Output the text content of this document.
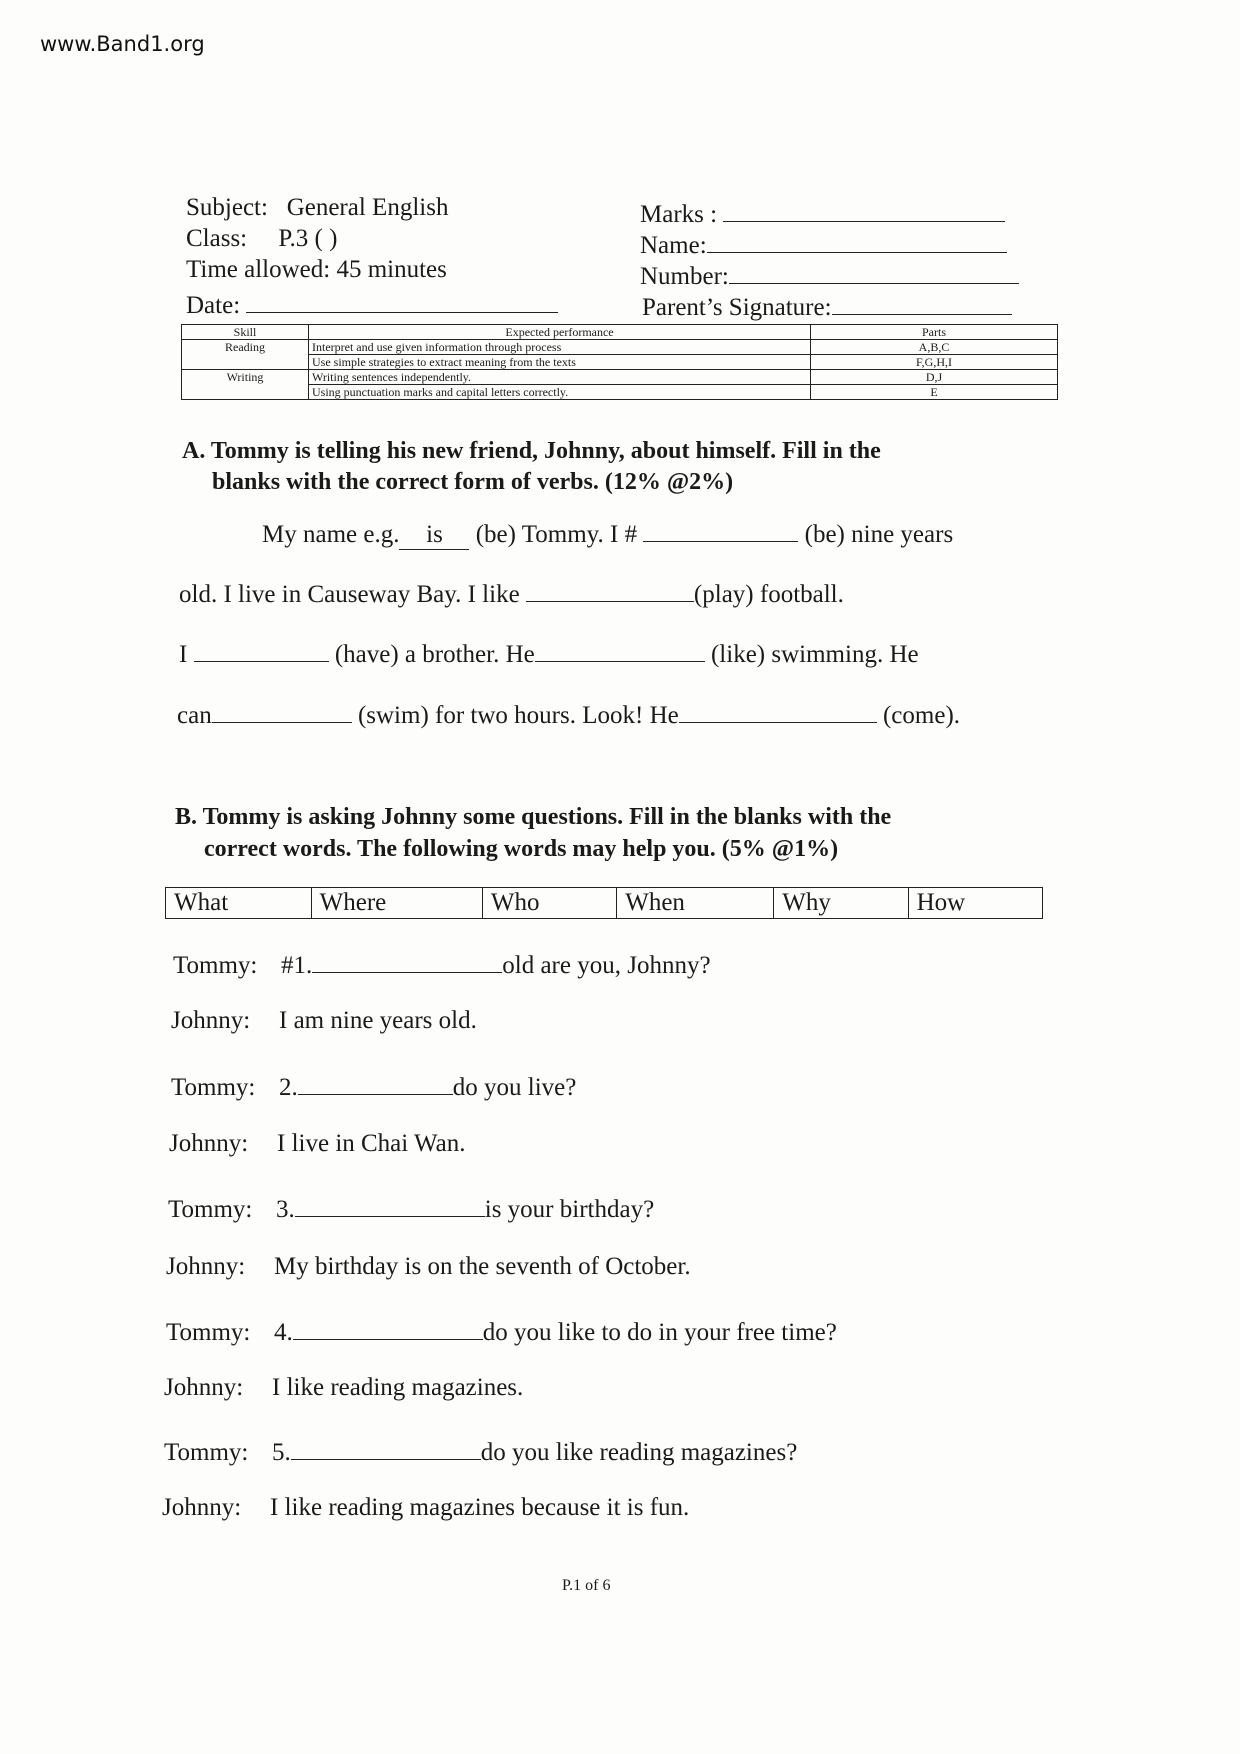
www.Band1.org
Subject: General English
Class: P.3 ( )
Time allowed: 45 minutes
Date:
Marks :
Name:
Number:
Parent’s Signature:
Skill	Expected performance	Parts
Reading	Interpret and use given information through process	A,B,C
	Use simple strategies to extract meaning from the texts	F,G,H,I
Writing	Writing sentences independently.	D,J
	Using punctuation marks and capital letters correctly.	E
A. Tommy is telling his new friend, Johnny, about himself. Fill in the
blanks with the correct form of verbs. (12% @2%)
My name e.g. is (be) Tommy. I #	(be) nine years
old. I live in Causeway Bay. I like	(play) football.
I	(have) a brother. He	(like) swimming. He
can	(swim) for two hours. Look! He	(come).
B. Tommy is asking Johnny some questions. Fill in the blanks with the
correct words. The following words may help you. (5% @1%)
What	Where	Who	When	Why	How
Tommy: #1.	old are you, Johnny?
Johnny: I am nine years old.
Tommy: 2.	do you live?
Johnny: I live in Chai Wan.
Tommy: 3.	is your birthday?
Johnny: My birthday is on the seventh of October.
Tommy: 4.	do you like to do in your free time?
Johnny: I like reading magazines.
Tommy: 5.	do you like reading magazines?
Johnny: I like reading magazines because it is fun.
P.1 of 6
